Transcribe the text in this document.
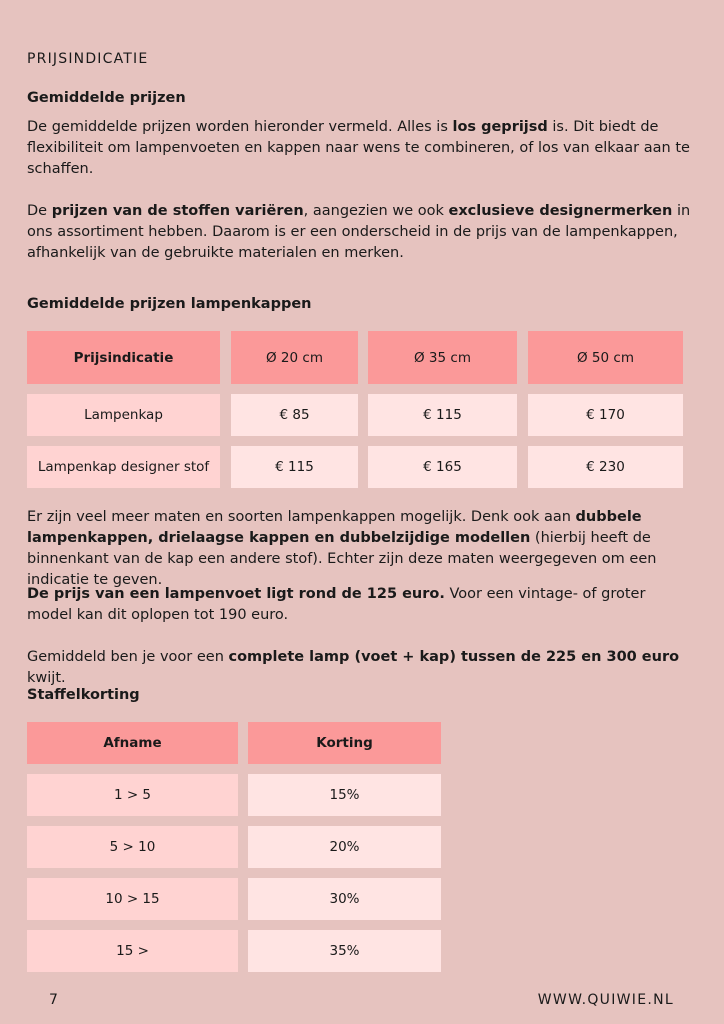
PRIJSINDICATIE
Gemiddelde prijzen
De gemiddelde prijzen worden hieronder vermeld. Alles is los geprijsd is. Dit biedt de flexibiliteit om lampenvoeten en kappen naar wens te combineren, of los van elkaar aan te schaffen.
De prijzen van de stoffen variëren, aangezien we ook exclusieve designermerken in ons assortiment hebben. Daarom is er een onderscheid in de prijs van de lampenkappen, afhankelijk van de gebruikte materialen en merken.
Gemiddelde prijzen lampenkappen
Prijsindicatie	Ø 20 cm	Ø 35 cm	Ø 50 cm
Lampenkap	€ 85	€ 115	€ 170
Lampenkap designer stof	€ 115	€ 165	€ 230
Er zijn veel meer maten en soorten lampenkappen mogelijk. Denk ook aan dubbele lampenkappen, drielaagse kappen en dubbelzijdige modellen (hierbij heeft de binnenkant van de kap een andere stof). Echter zijn deze maten weergegeven om een indicatie te geven.
De prijs van een lampenvoet ligt rond de 125 euro. Voor een vintage- of groter model kan dit oplopen tot 190 euro.
Gemiddeld ben je voor een complete lamp (voet + kap) tussen de 225 en 300 euro kwijt.
Staffelkorting
Afname	Korting
1 > 5	15%
5 > 10	20%
10 > 15	30%
15 >	35%
7	WWW.QUIWIE.NL
